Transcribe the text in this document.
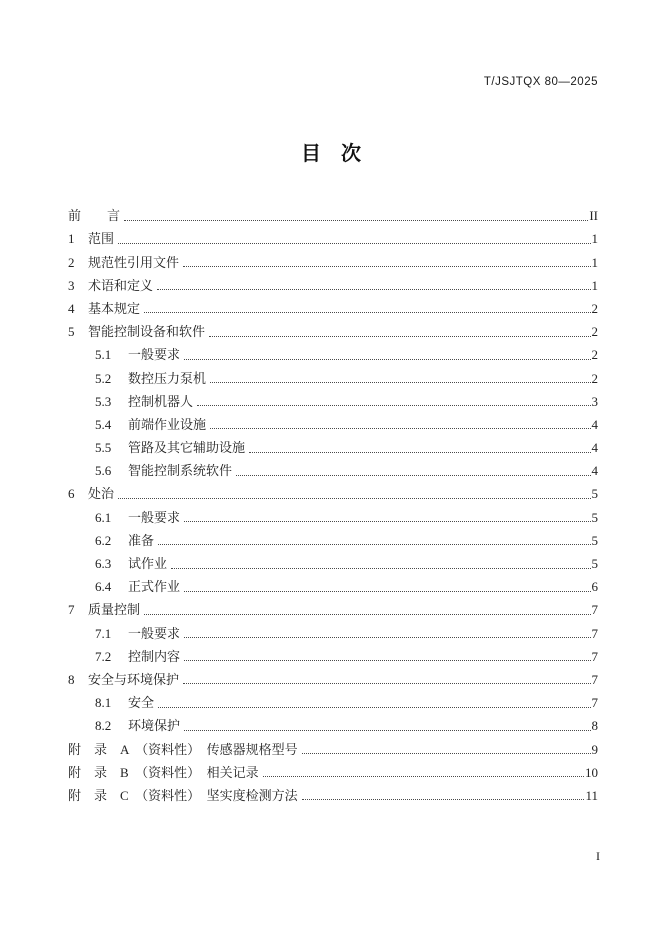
T/JSJTQX 80—2025
目　次
前　　言	II
1	范围	1
2	规范性引用文件	1
3	术语和定义	1
4	基本规定	2
5	智能控制设备和软件	2
5.1	一般要求	2
5.2	数控压力泵机	2
5.3	控制机器人	3
5.4	前端作业设施	4
5.5	管路及其它辅助设施	4
5.6	智能控制系统软件	4
6	处治	5
6.1	一般要求	5
6.2	准备	5
6.3	试作业	5
6.4	正式作业	6
7	质量控制	7
7.1	一般要求	7
7.2	控制内容	7
8	安全与环境保护	7
8.1	安全	7
8.2	环境保护	8
附　录　A　（资料性）　传感器规格型号	9
附　录　B　（资料性）　相关记录	10
附　录　C　（资料性）　坚实度检测方法	11
I
